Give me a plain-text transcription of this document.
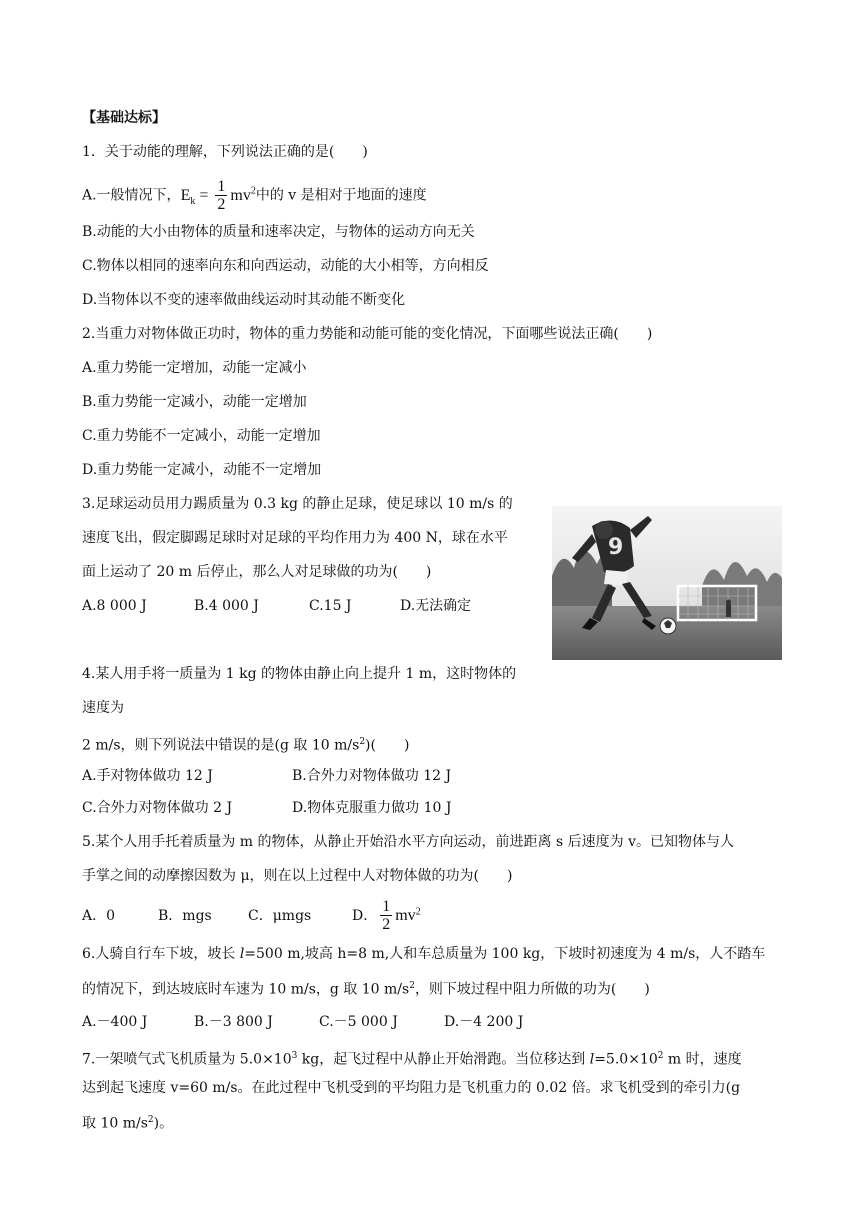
【基础达标】
1．关于动能的理解，下列说法正确的是(　　)
A.一般情况下，$E_k = \frac{1}{2} mv^2$中的 v 是相对于地面的速度
B.动能的大小由物体的质量和速率决定，与物体的运动方向无关
C.物体以相同的速率向东和向西运动，动能的大小相等，方向相反
D.当物体以不变的速率做曲线运动时其动能不断变化
2.当重力对物体做正功时，物体的重力势能和动能可能的变化情况，下面哪些说法正确(　　)
A.重力势能一定增加，动能一定减小
B.重力势能一定减小，动能一定增加
C.重力势能不一定减小，动能一定增加
D.重力势能一定减小，动能不一定增加
3.足球运动员用力踢质量为 0.3 kg 的静止足球，使足球以 10 m/s 的
速度飞出，假定脚踢足球时对足球的平均作用力为 400 N，球在水平
面上运动了 20 m 后停止，那么人对足球做的功为(　　)
A.8 000 J	B.4 000 J	C.15 J	D.无法确定
9
4.某人用手将一质量为 1 kg 的物体由静止向上提升 1 m，这时物体的
速度为
2 m/s，则下列说法中错误的是(g 取 10 $m/s^2$)(　　)
A.手对物体做功 12 J	B.合外力对物体做功 12 J
C.合外力对物体做功 2 J	D.物体克服重力做功 10 J
5.某个人用手托着质量为 m 的物体，从静止开始沿水平方向运动，前进距离 s 后速度为 v。已知物体与人
手掌之间的动摩擦因数为 μ，则在以上过程中人对物体做的功为(　　)
A．0	B．mgs	C．μmgs	D． $\frac{1}{2} mv^2$
6.人骑自行车下坡，坡长 l=500 m,坡高 h=8 m,人和车总质量为 100 kg，下坡时初速度为 4 m/s，人不踏车
的情况下，到达坡底时车速为 10 m/s，g 取 10 $m/s^2$，则下坡过程中阻力所做的功为(　　)
A.－400 J	B.－3 800 J	C.－5 000 J	D.－4 200 J
7.一架喷气式飞机质量为 $5.0\times 10^3$ kg，起飞过程中从静止开始滑跑。当位移达到 $l=5.0\times 10^2$ m 时，速度
达到起飞速度 v=60 m/s。在此过程中飞机受到的平均阻力是飞机重力的 0.02 倍。求飞机受到的牵引力(g
取 10 $m/s^2$)。
